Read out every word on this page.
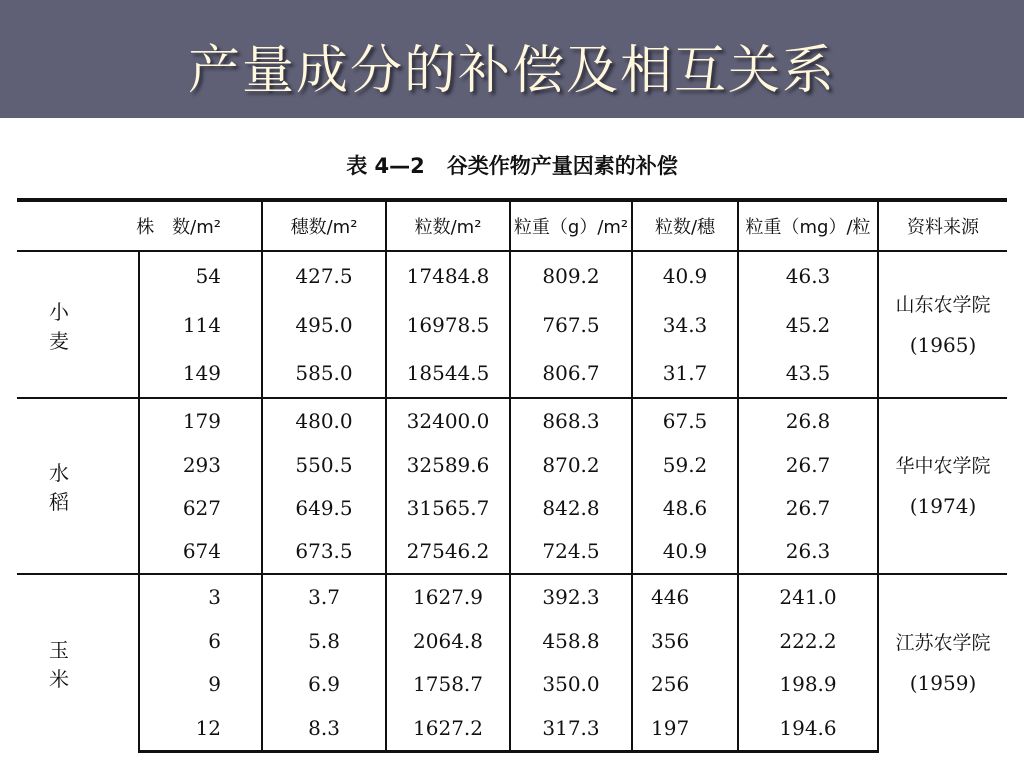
产量成分的补偿及相互关系
表 4—2 谷类作物产量因素的补偿
株　数/m²		穗数/m²	粒数/m²	粒重（g）/m²	粒数/穗	粒重（mg）/粒	资料来源
小 麦	54	427.5	17484.8	809.2	40.9	46.3	山东农学院
(1965)

	114	495.0	16978.5	767.5	34.3	45.2	
	149	585.0	18544.5	806.7	31.7	43.5	
水 稻	179	480.0	32400.0	868.3	67.5	26.8	华中农学院
(1974)

	293	550.5	32589.6	870.2	59.2	26.7	
	627	649.5	31565.7	842.8	48.6	26.7	
	674	673.5	27546.2	724.5	40.9	26.3	
玉 米	3	3.7	1627.9	392.3	446	241.0	江苏农学院
(1959)

	6	5.8	2064.8	458.8	356	222.2	
	9	6.9	1758.7	350.0	256	198.9	
	12	8.3	1627.2	317.3	197	194.6	
